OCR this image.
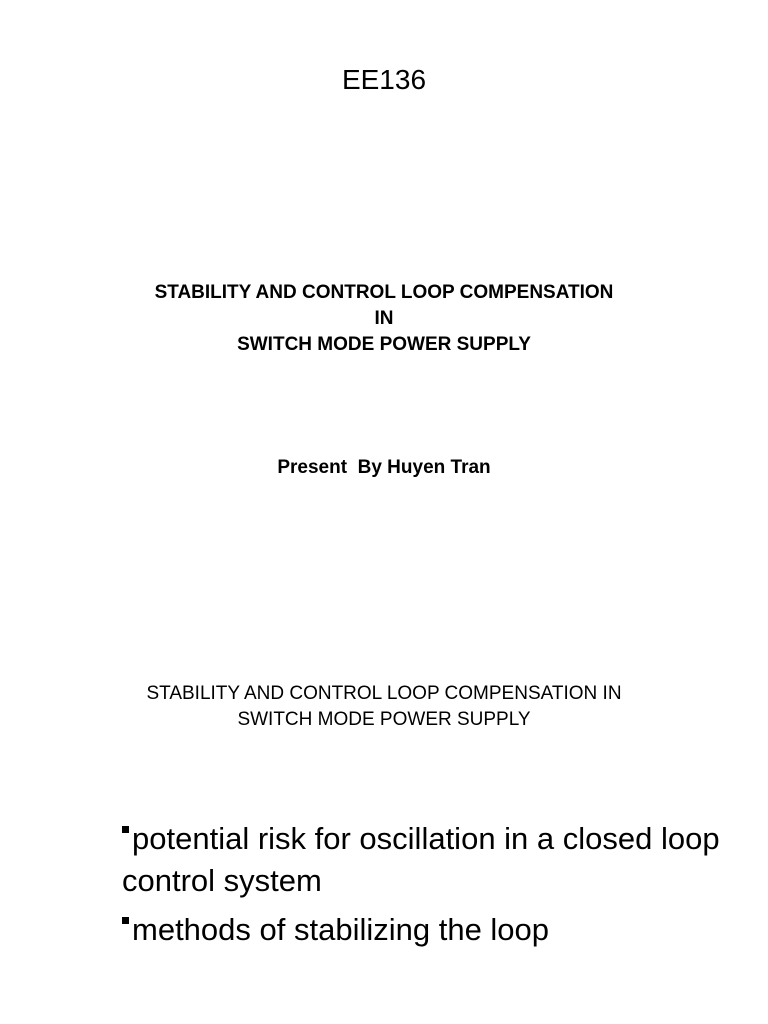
EE136
STABILITY AND CONTROL LOOP COMPENSATION
IN
SWITCH MODE POWER SUPPLY
Present  By Huyen Tran
STABILITY AND CONTROL LOOP COMPENSATION IN
SWITCH MODE POWER SUPPLY
potential risk for oscillation in a closed loop control system
methods of stabilizing the loop
